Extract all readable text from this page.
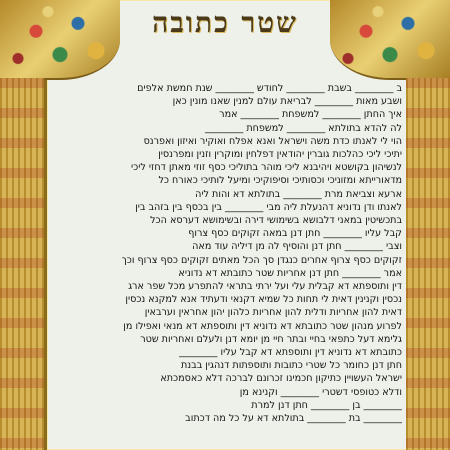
שטר כתובה
ב ________ בשבת ________ לחודש ________ שנת חמשת אלפים
ושבע מאות ________ לבריאת עולם למנין שאנו מונין כאן
איך החתן ________ למשפחת ________ אמר
לה להדא בתולתא ________ למשפחת ________
הוי לי לאנתו כדת משה וישראל ואנא אפלח ואוקיר ואיזון ואפרנס
יתיכי ליכי כהלכות גוברין יהודאין דפלחין ומוקרין וזנין ומפרנסין
לנשיהון בקושטא ויהיבנא ליכי מוהר בתוליכי כסף זוזי מאתן דחזי ליכי
מדאורייתא ומזוניכי וכסותיכי וסיפוקיכי ומיעל לותיכי כאורח כל
ארעא וצביאת מרת ________ בתולתא דא והות ליה
לאנתו ודן נדוניא דהנעלת ליה מבי ________ בין בכסף בין בזהב בין
בתכשיטין במאני דלבושא בשימושי דירה ובשימושא דערסא הכל
קבל עליו ________ חתן דנן במאה זקוקים כסף צרוף
וצבי ________ חתן דנן והוסיף לה מן דיליה עוד מאה
זקוקים כסף צרוף אחרים כנגדן סך הכל מאתים זקוקים כסף צרוף וכך
אמר ________ חתן דנן אחריות שטר כתובתא דא נדוניא
דין ותוספתא דא קבלית עלי ועל ירתי בתראי להתפרע מכל שפר ארג
נכסין וקנינין דאית לי תחות כל שמיא דקנאי ודעתיד אנא למקנא נכסין
דאית להון אחריות ודלית להון אחריות כלהון יהון אחראין וערבאין
לפרוע מנהון שטר כתובתא דא נדוניא דין ותוספתא דא מנאי ואפילו מן
גלימא דעל כתפאי בחיי ובתר חיי מן יומא דנן ולעלם ואחריות שטר
כתובתא דא נדוניא דין ותוספתא דא קבל עליו ________
חתן דנן כחומר כל שטרי כתובות ותוספתות דנהגין בבנת
ישראל העשויין כתיקון חכמינו זכרונם לברכה דלא כאסמכתא
ודלא כטופסי דשטרי ________ וקנינא מן
________ בן ________ חתן דנן למרת
________ בת ________ בתולתא דא על כל מה דכתוב
